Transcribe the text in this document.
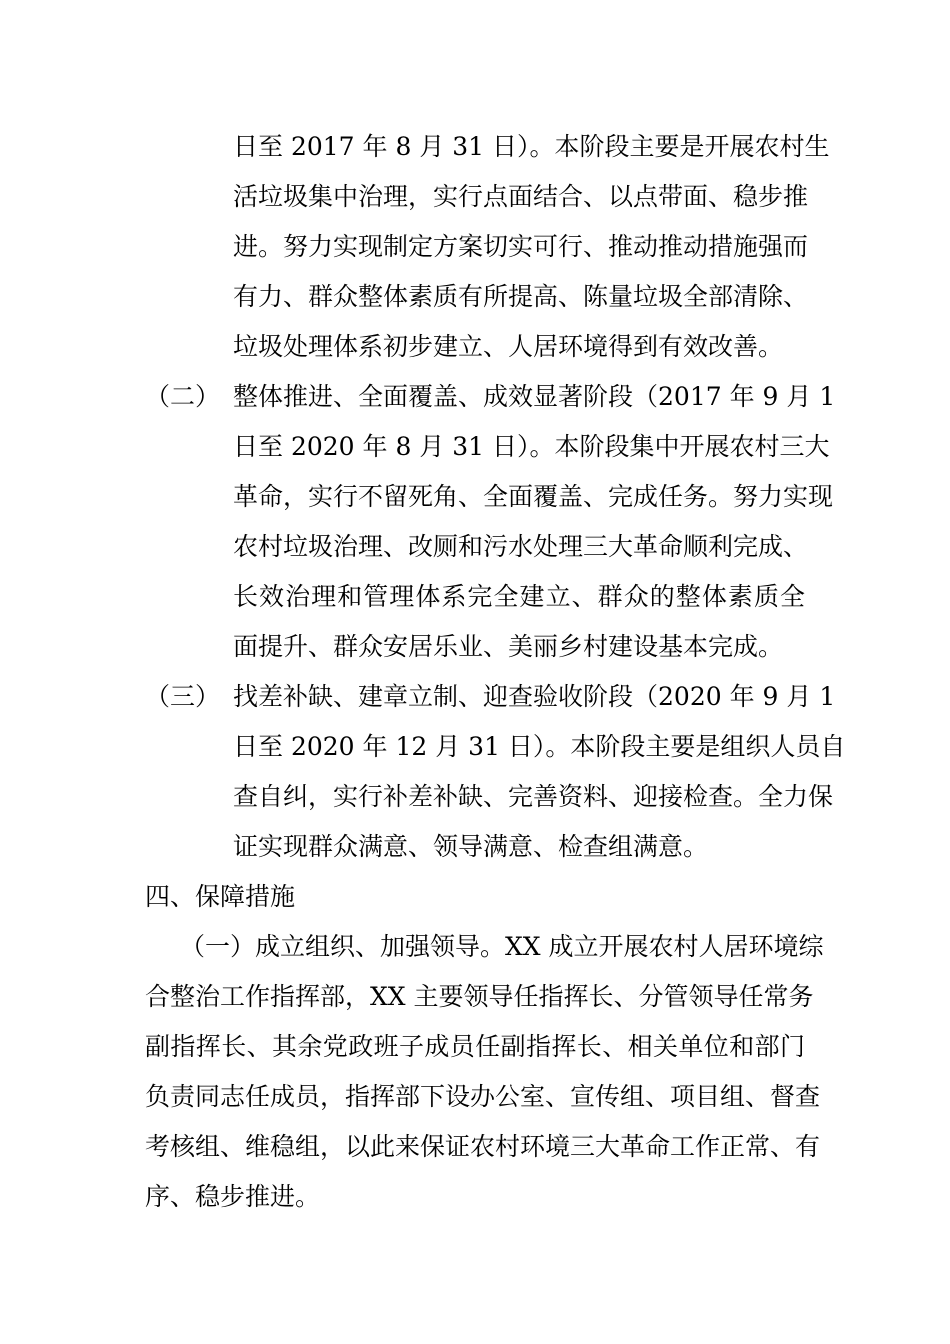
日至 2017 年 8 月 31 日）。本阶段主要是开展农村生
活垃圾集中治理，实行点面结合、以点带面、稳步推
进。努力实现制定方案切实可行、推动推动措施强而
有力、群众整体素质有所提高、陈量垃圾全部清除、
垃圾处理体系初步建立、人居环境得到有效改善。
（二） 整体推进、全面覆盖、成效显著阶段（2017 年 9 月 1
日至 2020 年 8 月 31 日）。本阶段集中开展农村三大
革命，实行不留死角、全面覆盖、完成任务。努力实现
农村垃圾治理、改厕和污水处理三大革命顺利完成、
长效治理和管理体系完全建立、群众的整体素质全
面提升、群众安居乐业、美丽乡村建设基本完成。
（三） 找差补缺、建章立制、迎查验收阶段（2020 年 9 月 1
日至 2020 年 12 月 31 日）。本阶段主要是组织人员自
查自纠，实行补差补缺、完善资料、迎接检查。全力保
证实现群众满意、领导满意、检查组满意。
四、保障措施
（一）成立组织、加强领导。XX 成立开展农村人居环境综
合整治工作指挥部，XX 主要领导任指挥长、分管领导任常务
副指挥长、其余党政班子成员任副指挥长、相关单位和部门
负责同志任成员，指挥部下设办公室、宣传组、项目组、督查
考核组、维稳组，以此来保证农村环境三大革命工作正常、有
序、稳步推进。
